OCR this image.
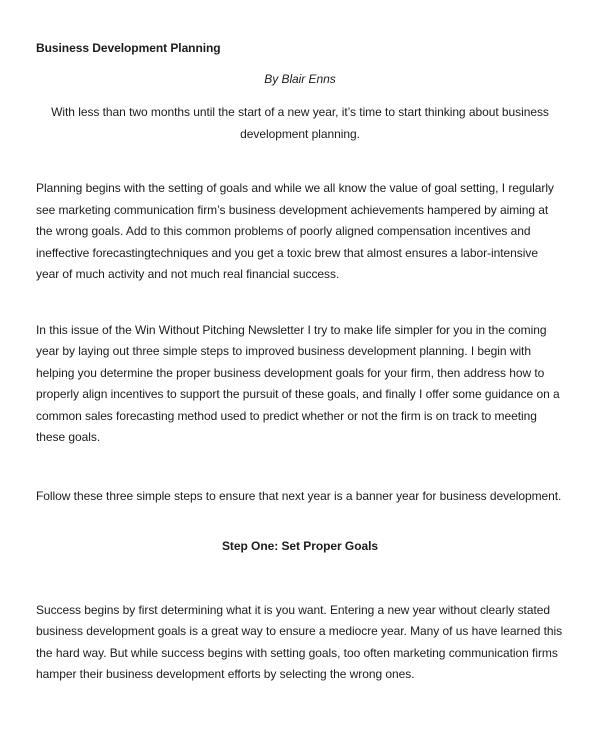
Business Development Planning

By Blair Enns

With less than two months until the start of a new year, it’s time to start thinking about business development planning.

Planning begins with the setting of goals and while we all know the value of goal setting, I regularly see marketing communication firm’s business development achievements hampered by aiming at the wrong goals. Add to this common problems of poorly aligned compensation incentives and ineffective forecastingtechniques and you get a toxic brew that almost ensures a labor-intensive year of much activity and not much real financial success.

In this issue of the Win Without Pitching Newsletter I try to make life simpler for you in the coming year by laying out three simple steps to improved business development planning. I begin with helping you determine the proper business development goals for your firm, then address how to properly align incentives to support the pursuit of these goals, and finally I offer some guidance on a common sales forecasting method used to predict whether or not the firm is on track to meeting these goals.

Follow these three simple steps to ensure that next year is a banner year for business development.

Step One: Set Proper Goals

Success begins by first determining what it is you want. Entering a new year without clearly stated business development goals is a great way to ensure a mediocre year. Many of us have learned this the hard way. But while success begins with setting goals, too often marketing communication firms hamper their business development efforts by selecting the wrong ones.
